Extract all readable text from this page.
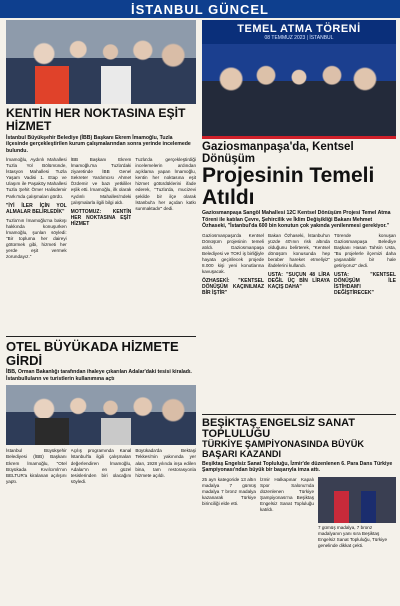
İSTANBUL GÜNCEL
KENTİN HER NOKTASINA EŞİT HİZMET
İstanbul Büyükşehir Belediye (İBB) Başkanı Ekrem İmamoğlu, Tuzla ilçesinde gerçekleştirilen kurum çalışmalarından sonra yerinde incelemede bulundu.
İmamoğlu, Aydınlı Mahallesi Tuzla Yol Bölümünde, İstasyon Mahallesi Tuzla Yaşam Vadisi 1. Etap ve Ulaşım ile Paşaköy Mahallesi Tuzla Şehit Ömer Halisdemir Parkı'nda çalışmaları gördü.
"İYİ İLER İÇİN YOL ALMALAR BELİRLEDİK"
Tuzla'nın İmamoğlu'na bakışı hakkında konuşurken İmamoğlu, şunları söyledi: "Bir topluma her daireyi götürmek gibi, hizmeti her yerde eşit vermek zorundayız."
İBB Başkanı Ekrem İmamoğlu'na Tuzla'daki ziyaretinde İBB Genel Sekreter Yardımcısı Ahmet Özdemir ve bazı yetkililer eşlik etti. İmamoğlu, ilk olarak Aydınlı Mahallesi'ndeki çalışmalarla ilgili bilgi aldı.
MOTTOMUZ: KENTİN HER NOKTASINA EŞİT HİZMET
Tuzla'da gerçekleştirdiği incelemelerin ardından açıklama yapan İmamoğlu, kentin her noktasına eşit hizmet götürdüklerini ifade ederek, "Tuzla'da, mucizevi şekilde bir ilçe olarak İstanbul'a her açıdan katkı sunmaktadır" dedi.
OTEL BÜYÜKADA HİZMETE GİRDİ
İBB, Orman Bakanlığı tarafından ihaleye çıkarılan Adalar'daki tesisi kiraladı. İstanbulluların ve turistlerin kullanımına açtı
İstanbul Büyükşehir Belediyesi (İBB) Başkanı Ekrem İmamoğlu, "Otel Büyükada Kıvılcımlı'nın BELTUR'a kiralanan açılışını yaptı.
Açılış programında Kanal İstanbul'la ilgili çalışmaları değerlendiren İmamoğlu, Adalar'ın en güzel tesislerinden biri olacağını söyledi.
Büyükada'da Bektaşi Tekkesi'nin yakınında yer alan, 1928 yılında inşa edilen bina, tam restorasyonla hizmete açıldı.
TEMEL ATMA TÖRENİ
08 TEMMUZ 2023 | İSTANBUL
Gaziosmanpaşa'da, Kentsel Dönüşüm
Projesinin Temeli Atıldı
Gaziosmanpaşa Sangöl Mahallesi 12C Kentsel Dönüşüm Projesi Temel Atma Töreni ile katılan Çevre, Şehircilik ve İklim Değişikliği Bakanı Mehmet Özhaseki, "İstanbul'da 600 bin konutun çok yakında yenilenmesi gerekiyor."
Gaziosmanpaşa'da Kentsel Dönüşüm projesinin temeli atıldı. Gaziosmanpaşa Belediyesi ve TOKİ iş birliğiyle hayata geçirilecek projede 8.000 kişi yeni konutlarına kavuşacak.
ÖZHASEKİ: "KENTSEL DÖNÜŞÜM KAÇINILMAZ BİR İŞTİR"
Bakan Özhaseki, İstanbul'un yüzde 40'ının risk altında olduğunu belirterek, "Kentsel dönüşüm konusunda hep beraber hareket etmeliyiz" ifadelerini kullandı.
USTA: "SUÇUN 48 LİRA DEĞİL ÜÇ BİN LİRAYA KAÇIŞ DAHA"
Törende konuşan Gaziosmanpaşa Belediye Başkanı Hasan Tahsin Usta, "Bu projelerle ilçemizi daha yaşanabilir bir hale getiriyoruz" dedi.
USTA: "KENTSEL DÖNÜŞÜM İLE İSTİHDAM'I DEĞİŞTİRECEK"
BEŞİKTAŞ ENGELSİZ SANAT TOPLULUĞU
TÜRKİYE ŞAMPİYONASINDA BÜYÜK BAŞARI KAZANDI
Beşiktaş Engelsiz Sanat Topluluğu, İzmir'de düzenlenen 6. Para Dans Türkiye Şampiyonası'ndan büyük bir başarıyla imza attı.
25 ayrı kategoride 13 altın madalya 7 gümüş madalya 7 bronz madalya kazanarak Türkiye birinciliği elde etti.
İzmir Halkapınar Kapalı Spor Salonu'nda düzenlenen Türkiye Şampiyonası'na Beşiktaş Engelsiz Sanat Topluluğu katıldı.
7 gümüş madalya, 7 bronz madalyanın yanı sıra Beşiktaş Engelsiz Sanat Topluluğu, Türkiye genelinde dikkat çekti.
